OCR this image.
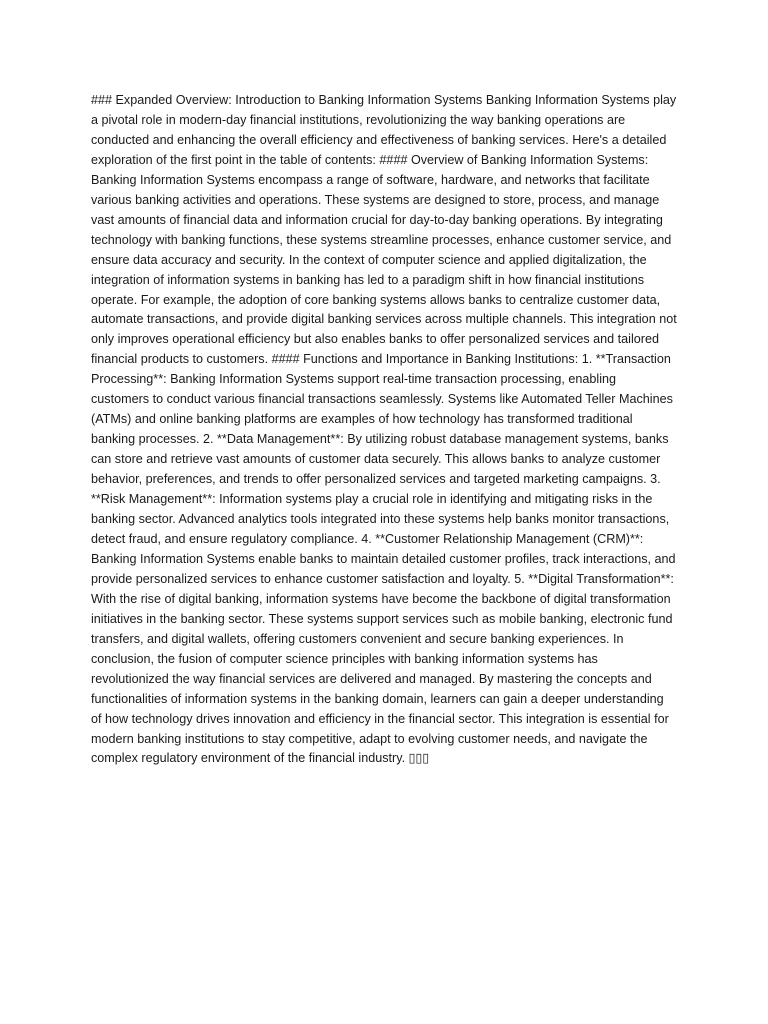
### Expanded Overview: Introduction to Banking Information Systems Banking Information Systems play a pivotal role in modern-day financial institutions, revolutionizing the way banking operations are conducted and enhancing the overall efficiency and effectiveness of banking services. Here's a detailed exploration of the first point in the table of contents: #### Overview of Banking Information Systems: Banking Information Systems encompass a range of software, hardware, and networks that facilitate various banking activities and operations. These systems are designed to store, process, and manage vast amounts of financial data and information crucial for day-to-day banking operations. By integrating technology with banking functions, these systems streamline processes, enhance customer service, and ensure data accuracy and security. In the context of computer science and applied digitalization, the integration of information systems in banking has led to a paradigm shift in how financial institutions operate. For example, the adoption of core banking systems allows banks to centralize customer data, automate transactions, and provide digital banking services across multiple channels. This integration not only improves operational efficiency but also enables banks to offer personalized services and tailored financial products to customers. #### Functions and Importance in Banking Institutions: 1. **Transaction Processing**: Banking Information Systems support real-time transaction processing, enabling customers to conduct various financial transactions seamlessly. Systems like Automated Teller Machines (ATMs) and online banking platforms are examples of how technology has transformed traditional banking processes. 2. **Data Management**: By utilizing robust database management systems, banks can store and retrieve vast amounts of customer data securely. This allows banks to analyze customer behavior, preferences, and trends to offer personalized services and targeted marketing campaigns. 3. **Risk Management**: Information systems play a crucial role in identifying and mitigating risks in the banking sector. Advanced analytics tools integrated into these systems help banks monitor transactions, detect fraud, and ensure regulatory compliance. 4. **Customer Relationship Management (CRM)**: Banking Information Systems enable banks to maintain detailed customer profiles, track interactions, and provide personalized services to enhance customer satisfaction and loyalty. 5. **Digital Transformation**: With the rise of digital banking, information systems have become the backbone of digital transformation initiatives in the banking sector. These systems support services such as mobile banking, electronic fund transfers, and digital wallets, offering customers convenient and secure banking experiences. In conclusion, the fusion of computer science principles with banking information systems has revolutionized the way financial services are delivered and managed. By mastering the concepts and functionalities of information systems in the banking domain, learners can gain a deeper understanding of how technology drives innovation and efficiency in the financial sector. This integration is essential for modern banking institutions to stay competitive, adapt to evolving customer needs, and navigate the complex regulatory environment of the financial industry. ▯▯▯
